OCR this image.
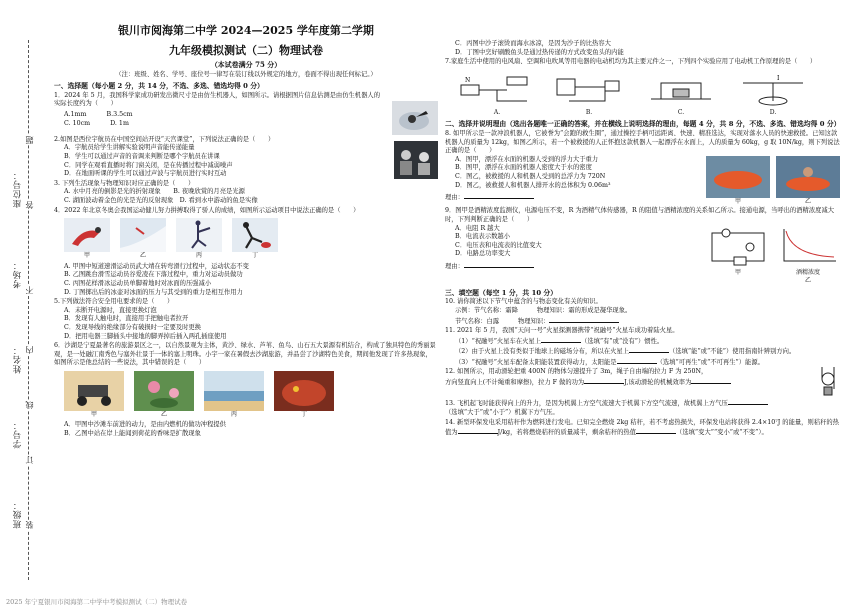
座位号：
考场：
姓名：
学号：
班级：
题
答
不
内
线
订
装
银川市阅海第二中学 2024—2025 学年度第二学期
九年级模拟测试（二）物理试卷
（本试卷满分 75 分）
（注：班级、姓名、学号、座位号一律写在装订线以外规定的地方，卷面不得出现任何标记。）
一、选择题（每小题 2 分，共 14 分，不选、多选、错选均得 0 分）
1．2024 年 5 月，我国科学家成功研发出微尺寸是由仿生机器人，如图所示。请根据图片信息估测是由仿生机器人的实际长度约为（　　）
A.1mm	B.3.5cm
C. 10cm	D. 1m
2.如图是西位宇航员在中国空间站开设“天宫课堂”，下列说法正确的是（　　）
A．宇航员给学生讲解实验说明声音能传递能量
B．学生可以通过声音的音调来判断是哪个宇航员在讲课
C．同学在观看直播时将门窗关闭，是在传播过程中减弱噪声
D．在地面听课的学生可以通过声波与宇航员进行实时互动
3. 下列生活现象与物理知识对应正确的是（　　）
A. 水中月亮的倒影是光的折射现象　　B. 夜晚欣赏的月亮是光源
C. 湖面波动着金色的光是光的反射现象　D. 看到水中游动的鱼是实像
4．2022 年北京冬奥会我国运动健儿努力拼搏取得了骄人的成绩，如图所示运动项目中说法正确的是（　　）
甲	乙	丙	丁
A. 甲图中短道速滑运动员武大靖在转弯滑行过程中，运动状态不变
B. 乙图跳台滑雪运动员谷爱凌在下落过程中，重力对运动员做功
C. 丙图花样滑冰运动员单脚着地时对冰面的压强减小
D. 丁图掷出后的冰壶对冰面的压力与其受到的重力是相互作用力
5.下列做法符合安全用电要求的是（　　）
A．未断开电源时，直接更换灯泡
B．发现有人触电时，直接用手把触电者拉开
C．发现导线的绝缘部分有破损时一定要及时更换
D．把用电器三脚插头中接地的脚弄掉后插入两孔插座使用
6．沙湖是宁夏最著名的旅游景区之一，以自然景观为主体，黄沙、绿水、芦苇、鱼鸟、山石五大景源有机结合，构成了独具特色的秀丽景观，是一处融江南秀色与塞外壮景于一体的塞上明珠。小宇一家在暑假去沙湖旅游，并品尝了沙湖特色美食，期间他发现了许多热现象，如图所示是他总结的一些说法，其中错误的是（　　）
甲	乙	丙	丁
A．甲图中沙滩车前进的动力，是由内燃机的做功冲程提供
B．乙图中站在岸上能闻到荷花的香味是扩散现象
C．丙图中沙子滚烫而海水冰凉，是因为沙子的比热容大
D．丁图中烹好刷酸鱼头是通过热传递的方式改变鱼头的内能
7.家庭生活中使用的电风扇、空调和电吹风等用电器的电动机均为其主要元件之一，下列四个实验应用了电动机工作原理的是（　　）
N
A.	B.	C.
I
D.
二、选择并说明理由（选出各题唯一正确的答案，并在横线上说明选择的理由，每题 4 分，共 8 分，不选、多选、错选均得 0 分）
8. 如甲所示是一款冲浪机器人，它被誉为“会跑的救生圈”，通过操控手柄可远距离、快速、精准选达，实现对落水人员的快速救援。已知这款机器人的质量为 12kg，如图乙所示，若一个被救援的人正怀抱这款机器人一起漂浮在水面上，人的质量为 60kg，g 取 10N/kg，则下列说法正确的是（　　）
A．图甲，漂浮在水面的机器人受到的浮力大于重力
B．图甲，漂浮在水面的机器人密度大于水的密度
C．图乙，被救援的人和机器人受到的总浮力为 720N
D．图乙，被救援人和机器人排开水的总体积为 0.06m³
理由：
甲	乙
9．图甲是酒精浓度监测仪，电源电压不变，R 为酒精气体传感器，R 的阻值与酒精浓度的关系如乙所示。接通电源，当呼出的酒精浓度减大时，下列判断正确的是（　　）
A．电阻 R 越大
B．电流表示数越小
C．电压表和电流表的比值变大
D．电路总功率变大
理由：
甲	酒精浓度
乙
三、填空题（每空 1 分，共 10 分）
10. 请你简述以下节气中蕴含的与物态变化有关的知识。
示例：节气名称：霜降　　　物理知识：霜的形成是凝华现象。
节气名称：白露　　　物理知识：
11. 2021 年 5 月，我国“天问一号”火星探测器携带“祝融号”火星车成功着陆火星。
（1）“祝融号”火星车在火星上	（选填“有”或“没有”）惯性。
（2）由于火星上没有类似于地球上的磁场分布，所以在火星上	（选填“能”或“不能”）使用指南针辨别方向。
（3）“祝融号”火星车配备太阳能装置获得动力，太阳能是	（选填“可再生”或“不可再生”）能源。
12. 如图所示，用动滑轮把重 400N 的物体匀速提升了 3m，绳子自由端的拉力 F 为 250N，
方向竖直向上(不计绳重和摩擦)，拉力 F 做的功为	J,该动滑轮的机械效率为
13. 飞机起飞时能获得向上的升力，是因为机翼上方空气流速大于机翼下方空气流速，故机翼上方气压
（选填“大于”或“小于”）机翼下方气压。
14. 新型环保发电采用秸秆作为燃料进行发电。已知完全燃烧 2kg 秸秆，若不考虑热损失，环保发电站将获得 2.4×10⁷J 的能量，则秸秆的热值为	J/kg，若将燃烧秸秆的质量减半，剩余秸秆的热值	（选填“变大”“变小”或“不变”）。
2025 年宁夏银川市阅海第二中学中考模拟测试（二）物理试卷
